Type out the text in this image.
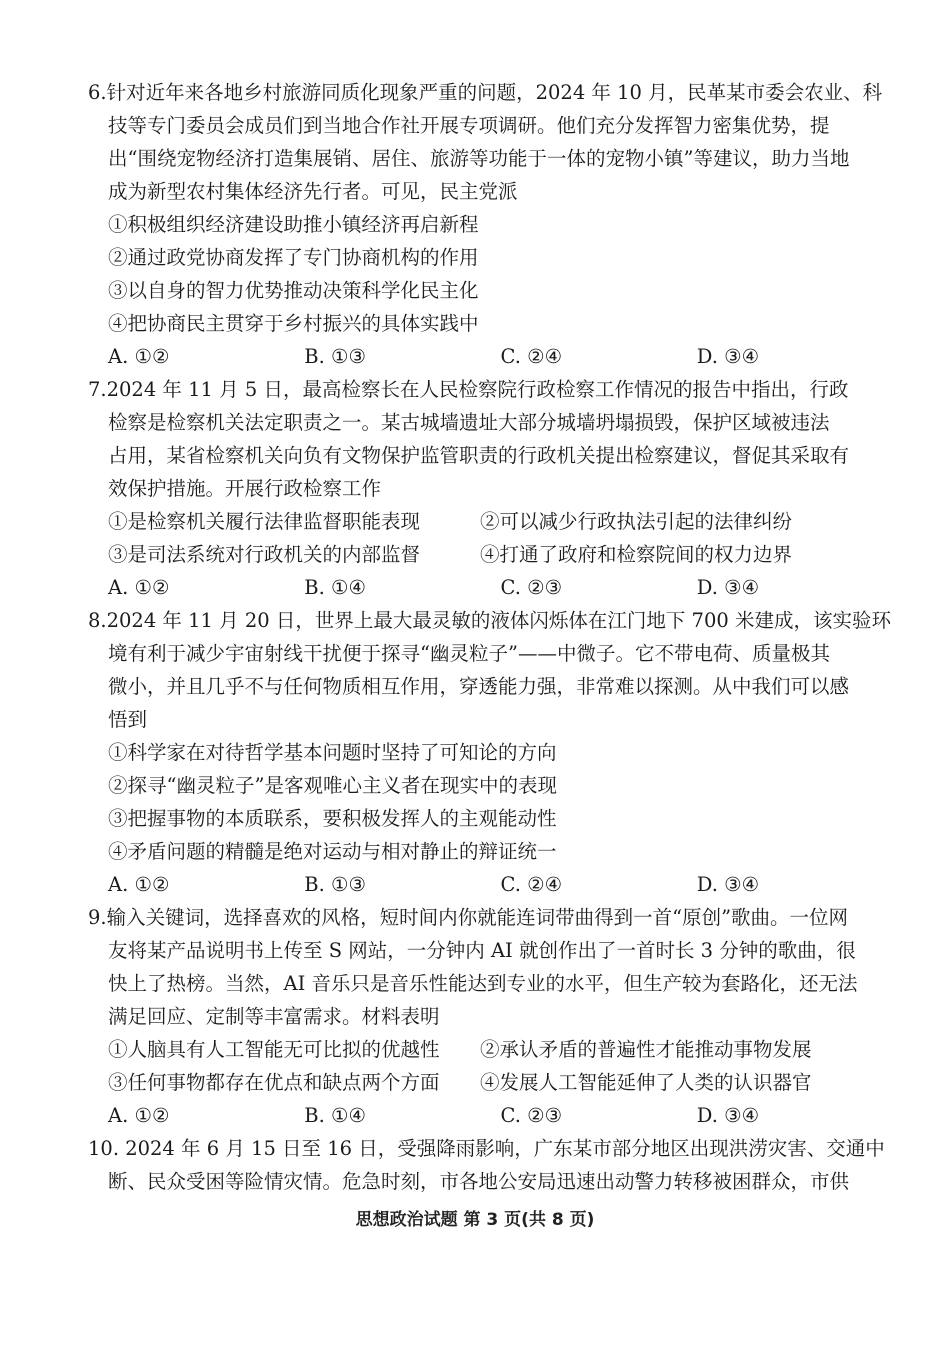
6.针对近年来各地乡村旅游同质化现象严重的问题，2024 年 10 月，民革某市委会农业、科
技等专门委员会成员们到当地合作社开展专项调研。他们充分发挥智力密集优势，提
出“围绕宠物经济打造集展销、居住、旅游等功能于一体的宠物小镇”等建议，助力当地
成为新型农村集体经济先行者。可见，民主党派
①积极组织经济建设助推小镇经济再启新程
②通过政党协商发挥了专门协商机构的作用
③以自身的智力优势推动决策科学化民主化
④把协商民主贯穿于乡村振兴的具体实践中
A. ①②	B. ①③	C. ②④	D. ③④
7.2024 年 11 月 5 日，最高检察长在人民检察院行政检察工作情况的报告中指出，行政
检察是检察机关法定职责之一。某古城墙遗址大部分城墙坍塌损毁，保护区域被违法
占用，某省检察机关向负有文物保护监管职责的行政机关提出检察建议，督促其采取有
效保护措施。开展行政检察工作
①是检察机关履行法律监督职能表现	②可以减少行政执法引起的法律纠纷
③是司法系统对行政机关的内部监督	④打通了政府和检察院间的权力边界
A. ①②	B. ①④	C. ②③	D. ③④
8.2024 年 11 月 20 日，世界上最大最灵敏的液体闪烁体在江门地下 700 米建成，该实验环
境有利于减少宇宙射线干扰便于探寻“幽灵粒子”——中微子。它不带电荷、质量极其
微小，并且几乎不与任何物质相互作用，穿透能力强，非常难以探测。从中我们可以感
悟到
①科学家在对待哲学基本问题时坚持了可知论的方向
②探寻“幽灵粒子”是客观唯心主义者在现实中的表现
③把握事物的本质联系，要积极发挥人的主观能动性
④矛盾问题的精髓是绝对运动与相对静止的辩证统一
A. ①②	B. ①③	C. ②④	D. ③④
9.输入关键词，选择喜欢的风格，短时间内你就能连词带曲得到一首“原创”歌曲。一位网
友将某产品说明书上传至 S 网站，一分钟内 AI 就创作出了一首时长 3 分钟的歌曲，很
快上了热榜。当然，AI 音乐只是音乐性能达到专业的水平，但生产较为套路化，还无法
满足回应、定制等丰富需求。材料表明
①人脑具有人工智能无可比拟的优越性	②承认矛盾的普遍性才能推动事物发展
③任何事物都存在优点和缺点两个方面	④发展人工智能延伸了人类的认识器官
A. ①②	B. ①④	C. ②③	D. ③④
10. 2024 年 6 月 15 日至 16 日，受强降雨影响，广东某市部分地区出现洪涝灾害、交通中
断、民众受困等险情灾情。危急时刻，市各地公安局迅速出动警力转移被困群众，市供
思想政治试题 第 3 页(共 8 页)
